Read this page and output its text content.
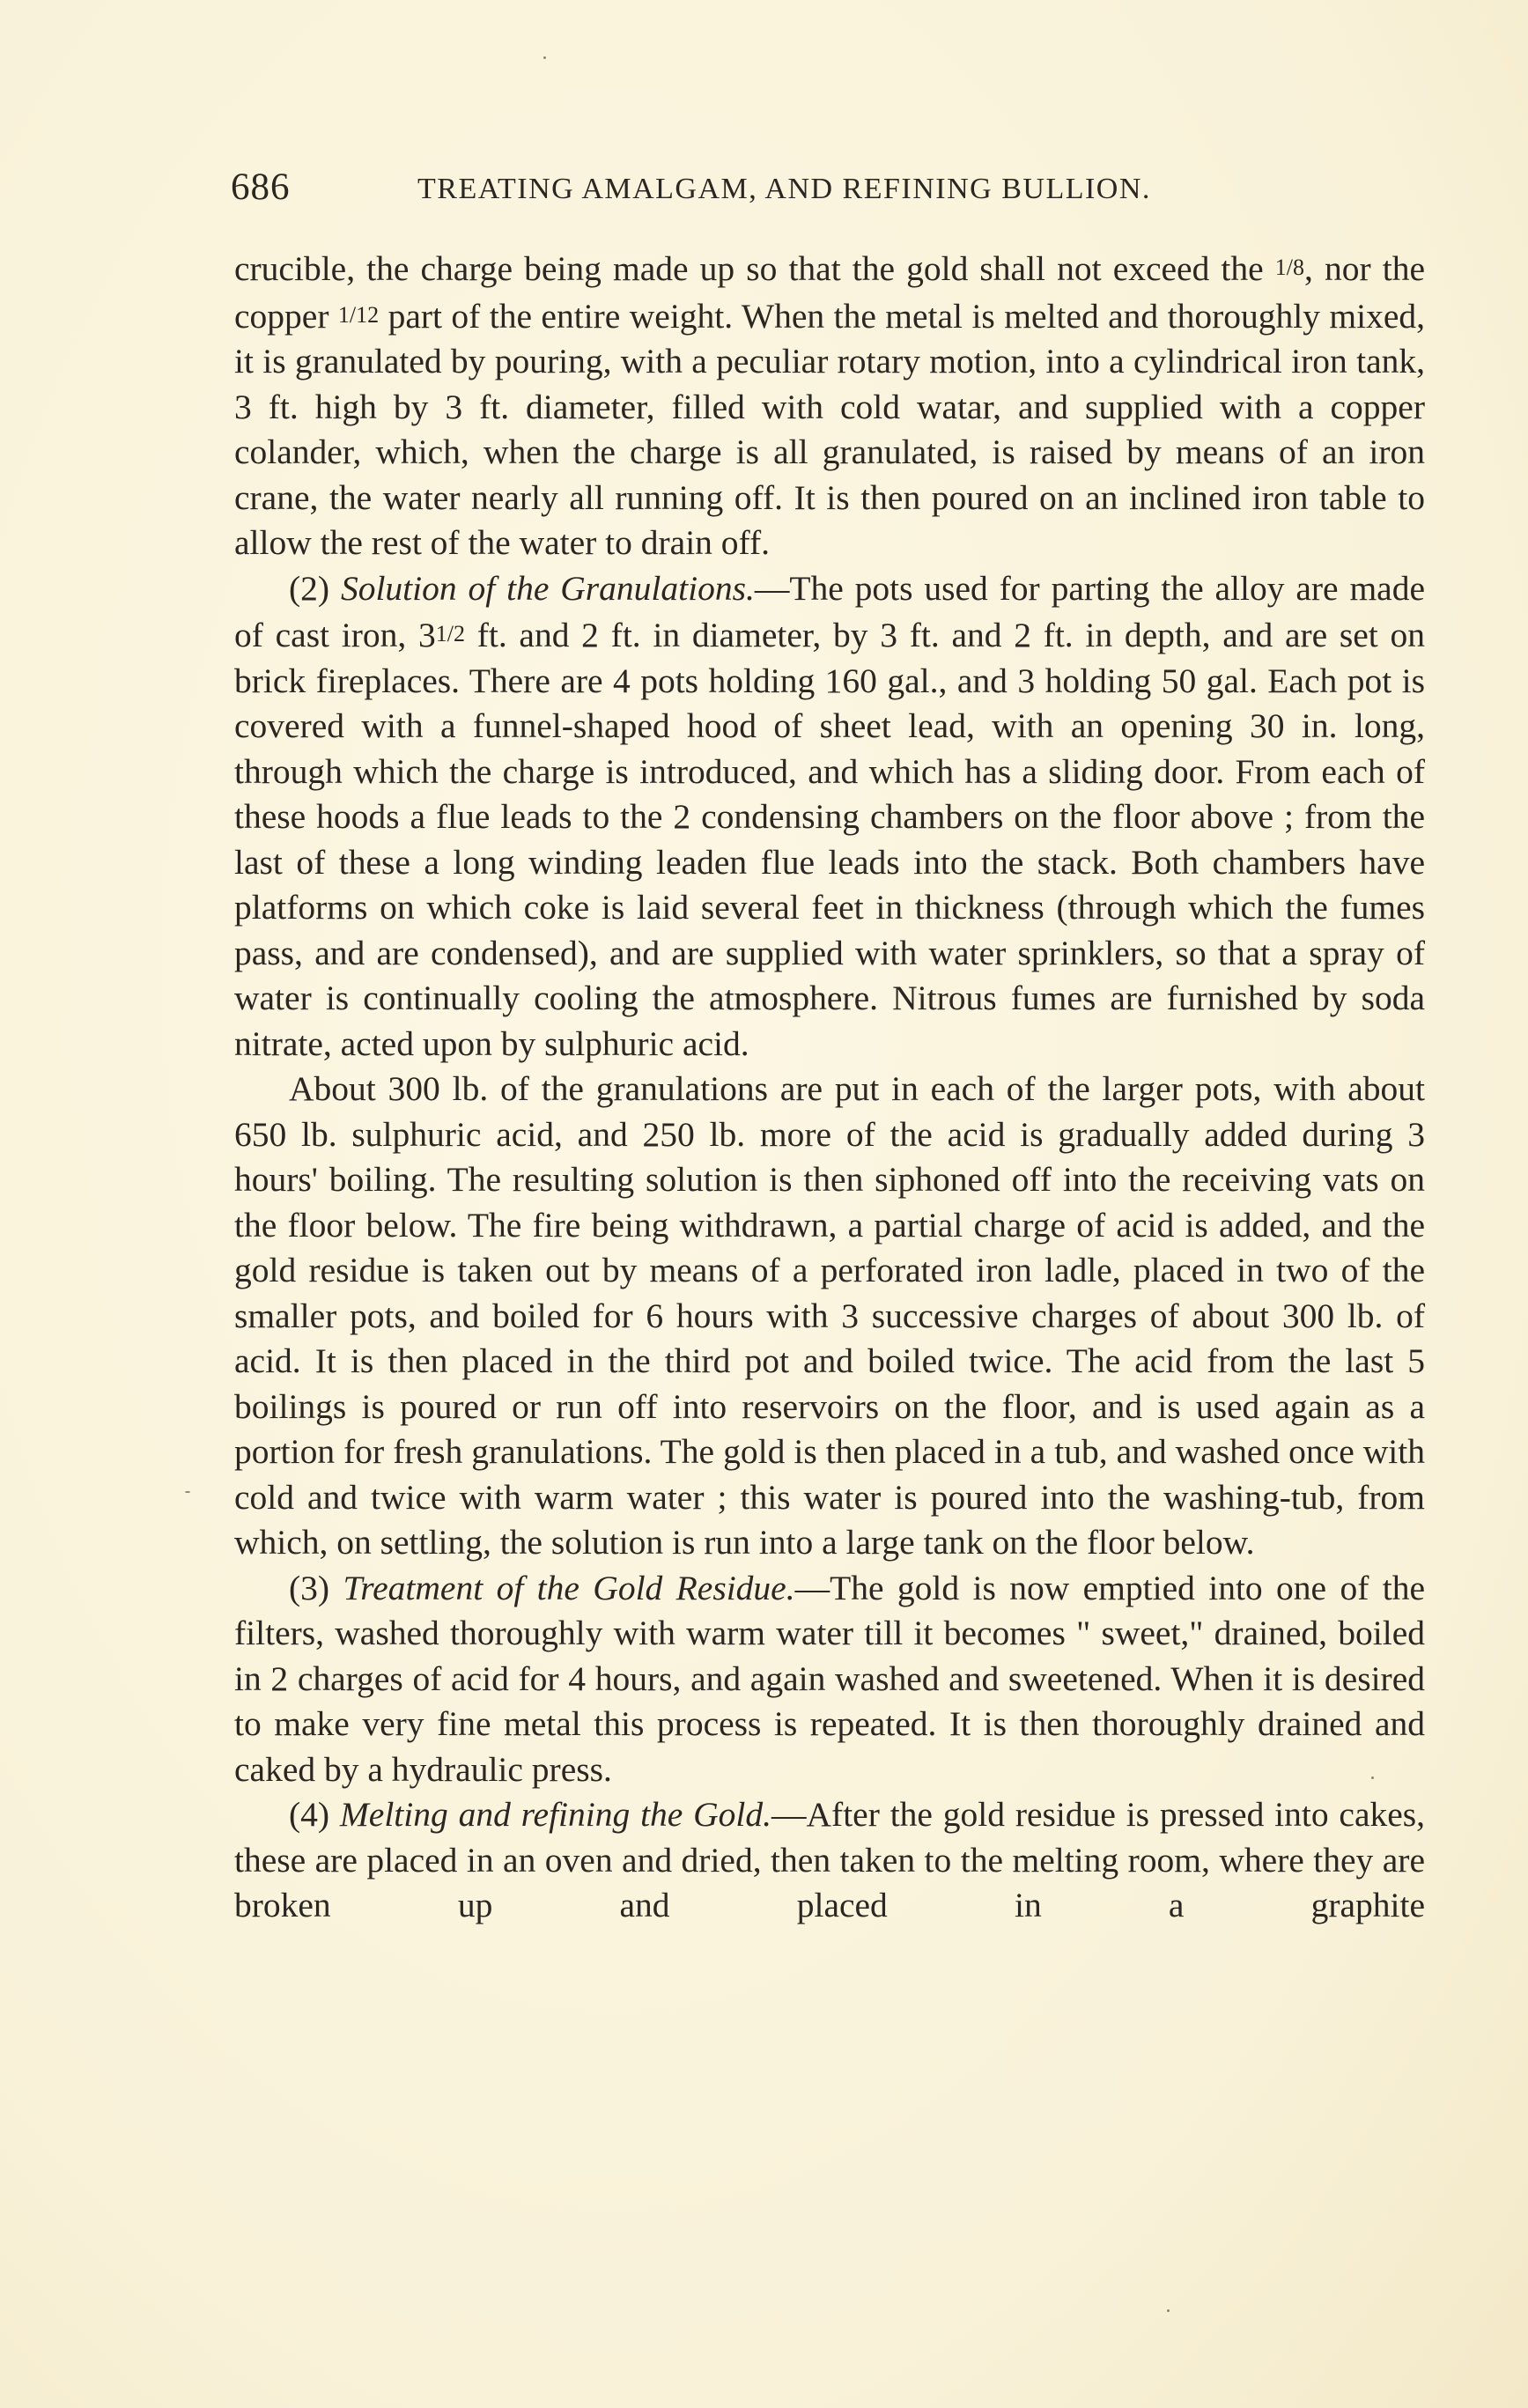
686	TREATING AMALGAM, AND REFINING BULLION.

crucible, the charge being made up so that the gold shall not exceed the 1/8, nor the copper 1/12 part of the entire weight. When the metal is melted and thoroughly mixed, it is granulated by pouring, with a peculiar rotary motion, into a cylindrical iron tank, 3 ft. high by 3 ft. diameter, filled with cold watar, and supplied with a copper colander, which, when the charge is all granulated, is raised by means of an iron crane, the water nearly all running off. It is then poured on an inclined iron table to allow the rest of the water to drain off.

(2) Solution of the Granulations.—The pots used for parting the alloy are made of cast iron, 31/2 ft. and 2 ft. in diameter, by 3 ft. and 2 ft. in depth, and are set on brick fireplaces. There are 4 pots holding 160 gal., and 3 holding 50 gal. Each pot is covered with a funnel-shaped hood of sheet lead, with an opening 30 in. long, through which the charge is introduced, and which has a sliding door. From each of these hoods a flue leads to the 2 condensing chambers on the floor above ; from the last of these a long winding leaden flue leads into the stack. Both chambers have platforms on which coke is laid several feet in thickness (through which the fumes pass, and are condensed), and are supplied with water sprinklers, so that a spray of water is continually cooling the atmosphere. Nitrous fumes are furnished by soda nitrate, acted upon by sulphuric acid.

About 300 lb. of the granulations are put in each of the larger pots, with about 650 lb. sulphuric acid, and 250 lb. more of the acid is gradually added during 3 hours' boiling. The resulting solution is then siphoned off into the receiving vats on the floor below. The fire being withdrawn, a partial charge of acid is added, and the gold residue is taken out by means of a perforated iron ladle, placed in two of the smaller pots, and boiled for 6 hours with 3 successive charges of about 300 lb. of acid. It is then placed in the third pot and boiled twice. The acid from the last 5 boilings is poured or run off into reservoirs on the floor, and is used again as a portion for fresh granulations. The gold is then placed in a tub, and washed once with cold and twice with warm water ; this water is poured into the washing-tub, from which, on settling, the solution is run into a large tank on the floor below.

(3) Treatment of the Gold Residue.—The gold is now emptied into one of the filters, washed thoroughly with warm water till it becomes " sweet," drained, boiled in 2 charges of acid for 4 hours, and again washed and sweetened. When it is desired to make very fine metal this process is repeated. It is then thoroughly drained and caked by a hydraulic press.

(4) Melting and refining the Gold.—After the gold residue is pressed into cakes, these are placed in an oven and dried, then taken to the melting room, where they are broken up and placed in a graphite
